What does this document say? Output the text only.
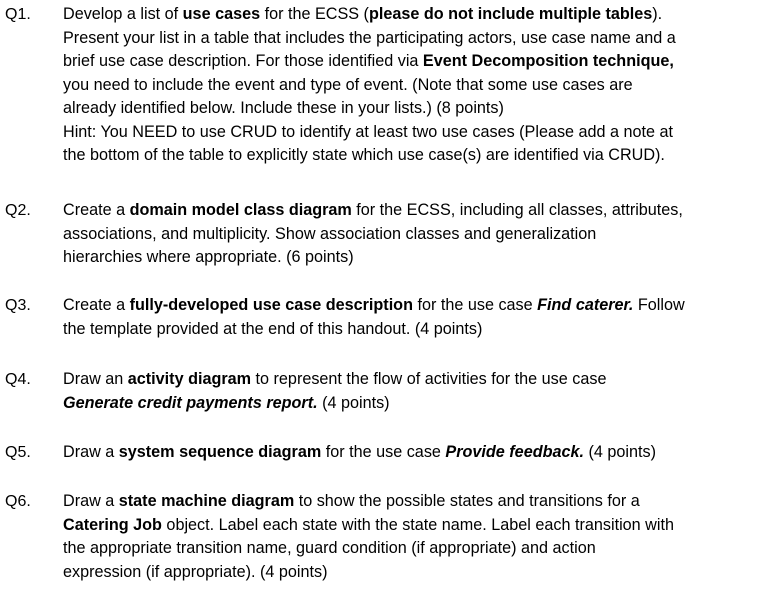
Q1. Develop a list of use cases for the ECSS (please do not include multiple tables).
Present your list in a table that includes the participating actors, use case name and a
brief use case description. For those identified via Event Decomposition technique,
you need to include the event and type of event. (Note that some use cases are
already identified below. Include these in your lists.) (8 points)
Hint: You NEED to use CRUD to identify at least two use cases (Please add a note at
the bottom of the table to explicitly state which use case(s) are identified via CRUD).
Q2. Create a domain model class diagram for the ECSS, including all classes, attributes,
associations, and multiplicity. Show association classes and generalization
hierarchies where appropriate. (6 points)
Q3. Create a fully-developed use case description for the use case Find caterer. Follow
the template provided at the end of this handout. (4 points)
Q4. Draw an activity diagram to represent the flow of activities for the use case
Generate credit payments report. (4 points)
Q5. Draw a system sequence diagram for the use case Provide feedback. (4 points)
Q6. Draw a state machine diagram to show the possible states and transitions for a
Catering Job object. Label each state with the state name. Label each transition with
the appropriate transition name, guard condition (if appropriate) and action
expression (if appropriate). (4 points)
